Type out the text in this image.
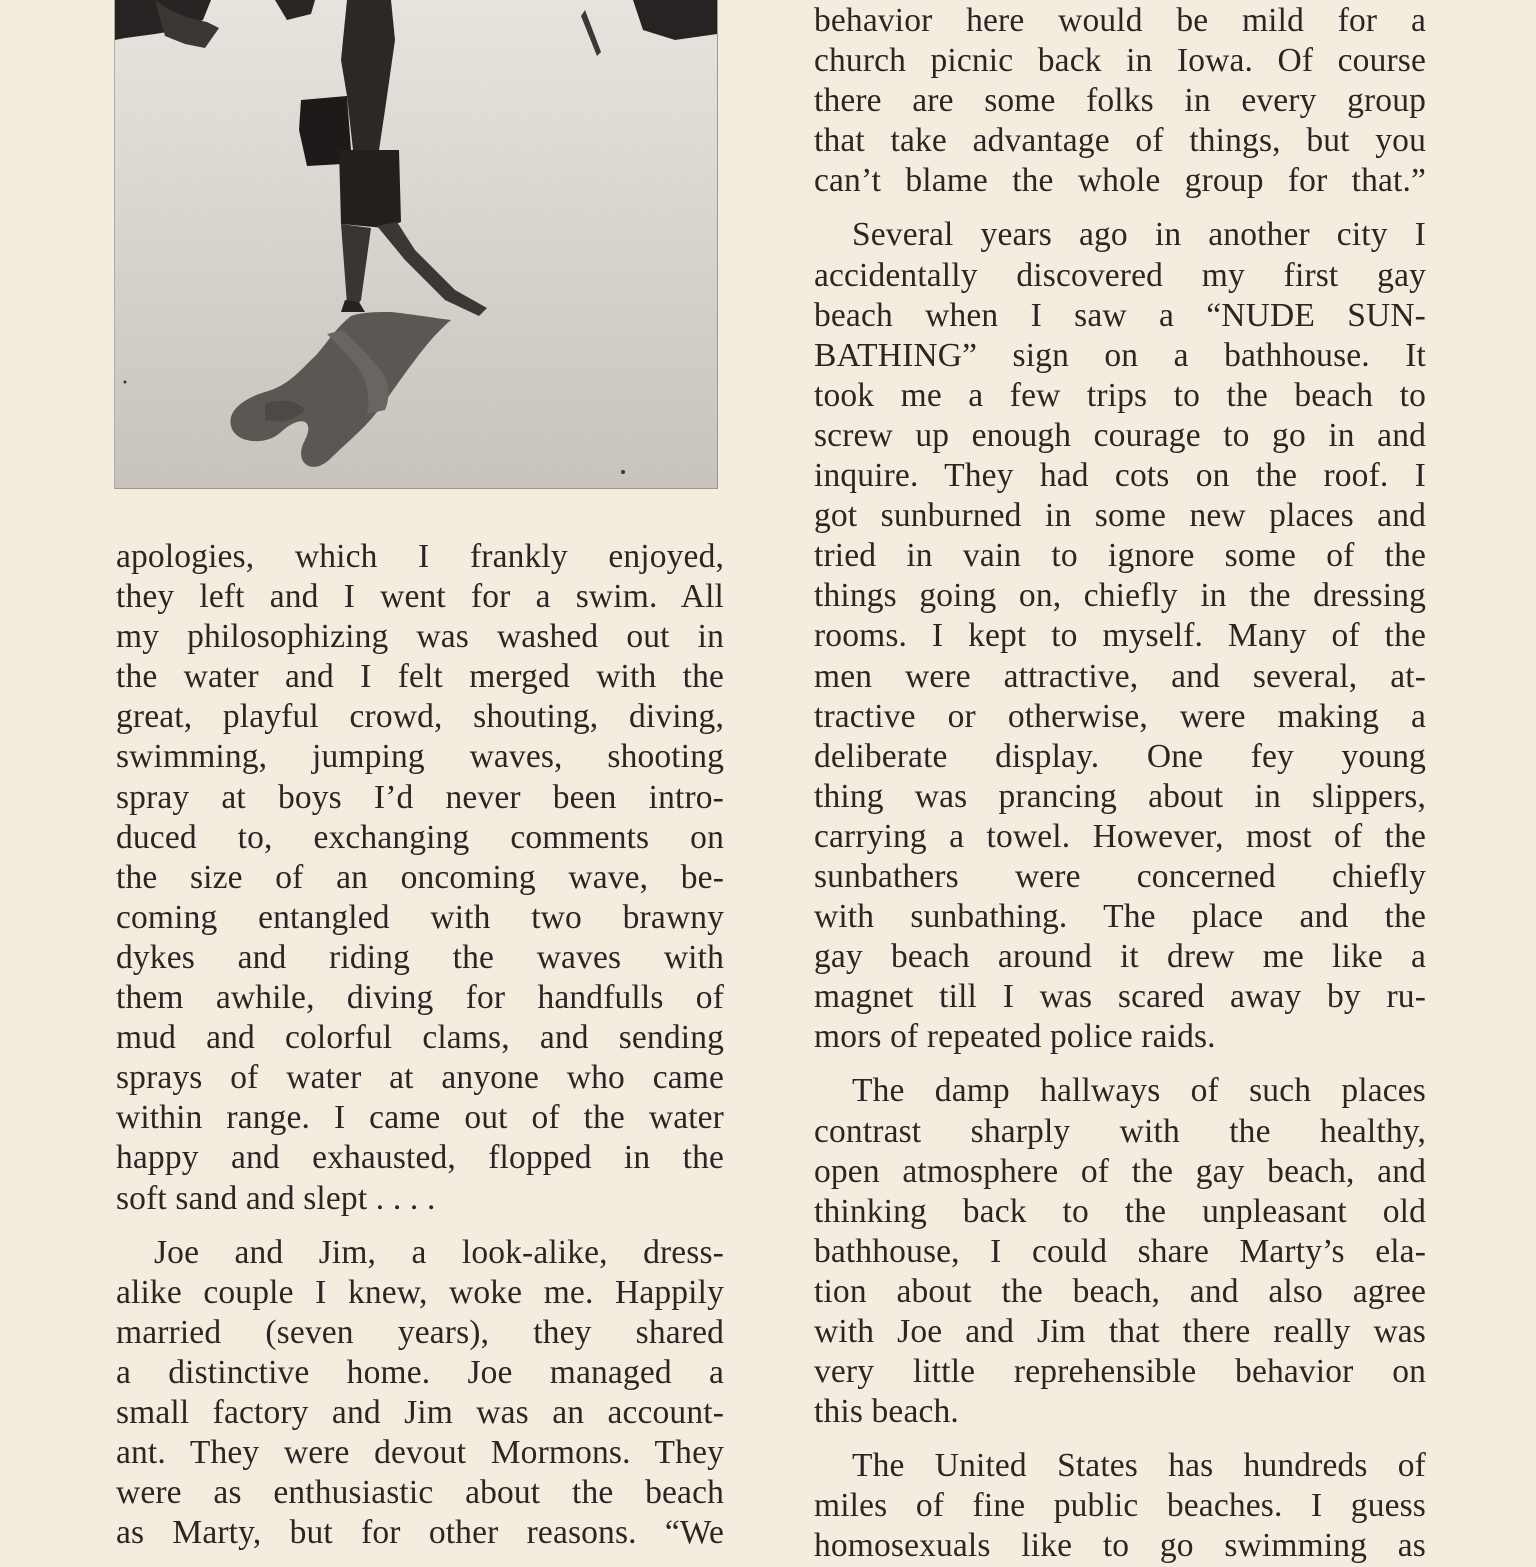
apologies, which I frankly enjoyed,
they left and I went for a swim. All
my philosophizing was washed out in
the water and I felt merged with the
great, playful crowd, shouting, diving,
swimming, jumping waves, shooting
spray at boys I’d never been intro-
duced to, exchanging comments on
the size of an oncoming wave, be-
coming entangled with two brawny
dykes and riding the waves with
them awhile, diving for handfulls of
mud and colorful clams, and sending
sprays of water at anyone who came
within range. I came out of the water
happy and exhausted, flopped in the
soft sand and slept . . . .
Joe and Jim, a look-alike, dress-
alike couple I knew, woke me. Happily
married (seven years), they shared
a distinctive home. Joe managed a
small factory and Jim was an account-
ant. They were devout Mormons. They
were as enthusiastic about the beach
as Marty, but for other reasons. “We
behavior here would be mild for a
church picnic back in Iowa. Of course
there are some folks in every group
that take advantage of things, but you
can’t blame the whole group for that.”
Several years ago in another city I
accidentally discovered my first gay
beach when I saw a “NUDE SUN-
BATHING” sign on a bathhouse. It
took me a few trips to the beach to
screw up enough courage to go in and
inquire. They had cots on the roof. I
got sunburned in some new places and
tried in vain to ignore some of the
things going on, chiefly in the dressing
rooms. I kept to myself. Many of the
men were attractive, and several, at-
tractive or otherwise, were making a
deliberate display. One fey young
thing was prancing about in slippers,
carrying a towel. However, most of the
sunbathers were concerned chiefly
with sunbathing. The place and the
gay beach around it drew me like a
magnet till I was scared away by ru-
mors of repeated police raids.
The damp hallways of such places
contrast sharply with the healthy,
open atmosphere of the gay beach, and
thinking back to the unpleasant old
bathhouse, I could share Marty’s ela-
tion about the beach, and also agree
with Joe and Jim that there really was
very little reprehensible behavior on
this beach.
The United States has hundreds of
miles of fine public beaches. I guess
homosexuals like to go swimming as
